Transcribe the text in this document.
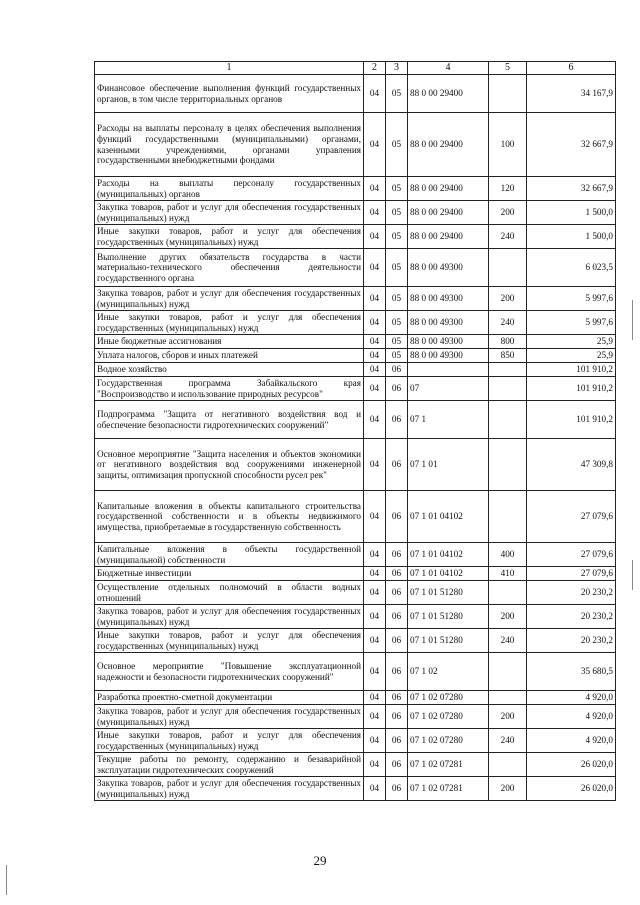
1	2	3	4	5	6
Финансовое обеспечение выполнения функций государственных органов, в том числе территориальных органов	04	05	88 0 00 29400		34 167,9
Расходы на выплаты персоналу в целях обеспечения выполнения функций государственными (муниципальными) органами, казенными учреждениями, органами управления государственными внебюджетными фондами	04	05	88 0 00 29400	100	32 667,9
Расходы на выплаты персоналу государственных (муниципальных) органов	04	05	88 0 00 29400	120	32 667,9
Закупка товаров, работ и услуг для обеспечения государственных (муниципальных) нужд	04	05	88 0 00 29400	200	1 500,0
Иные закупки товаров, работ и услуг для обеспечения государственных (муниципальных) нужд	04	05	88 0 00 29400	240	1 500,0
Выполнение других обязательств государства в части материально-технического обеспечения деятельности государственного органа	04	05	88 0 00 49300		6 023,5
Закупка товаров, работ и услуг для обеспечения государственных (муниципальных) нужд	04	05	88 0 00 49300	200	5 997,6
Иные закупки товаров, работ и услуг для обеспечения государственных (муниципальных) нужд	04	05	88 0 00 49300	240	5 997,6
Иные бюджетные ассигнования	04	05	88 0 00 49300	800	25,9
Уплата налогов, сборов и иных платежей	04	05	88 0 00 49300	850	25,9
Водное хозяйство	04	06			101 910,2
Государственная программа Забайкальского края "Воспроизводство и использование природных ресурсов"	04	06	07		101 910,2
Подпрограмма "Защита от негативного воздействия вод и обеспечение безопасности гидротехнических сооружений"	04	06	07 1		101 910,2
Основное мероприятие "Защита населения и объектов экономики от негативного воздействия вод сооружениями инженерной защиты, оптимизация пропускной способности русел рек"	04	06	07 1 01		47 309,8
Капитальные вложения в объекты капитального строительства государственной собственности и в объекты недвижимого имущества, приобретаемые в государственную собственность	04	06	07 1 01 04102		27 079,6
Капитальные вложения в объекты государственной (муниципальной) собственности	04	06	07 1 01 04102	400	27 079,6
Бюджетные инвестиции	04	06	07 1 01 04102	410	27 079,6
Осуществление отдельных полномочий в области водных отношений	04	06	07 1 01 51280		20 230,2
Закупка товаров, работ и услуг для обеспечения государственных (муниципальных) нужд	04	06	07 1 01 51280	200	20 230,2
Иные закупки товаров, работ и услуг для обеспечения государственных (муниципальных) нужд	04	06	07 1 01 51280	240	20 230,2
Основное мероприятие "Повышение эксплуатационной надежности и безопасности гидротехнических сооружений"	04	06	07 1 02		35 680,5
Разработка проектно-сметной документации	04	06	07 1 02 07280		4 920,0
Закупка товаров, работ и услуг для обеспечения государственных (муниципальных) нужд	04	06	07 1 02 07280	200	4 920,0
Иные закупки товаров, работ и услуг для обеспечения государственных (муниципальных) нужд	04	06	07 1 02 07280	240	4 920,0
Текущие работы по ремонту, содержанию и безаварийной эксплуатации гидротехнических сооружений	04	06	07 1 02 07281		26 020,0
Закупка товаров, работ и услуг для обеспечения государственных (муниципальных) нужд	04	06	07 1 02 07281	200	26 020,0
29
